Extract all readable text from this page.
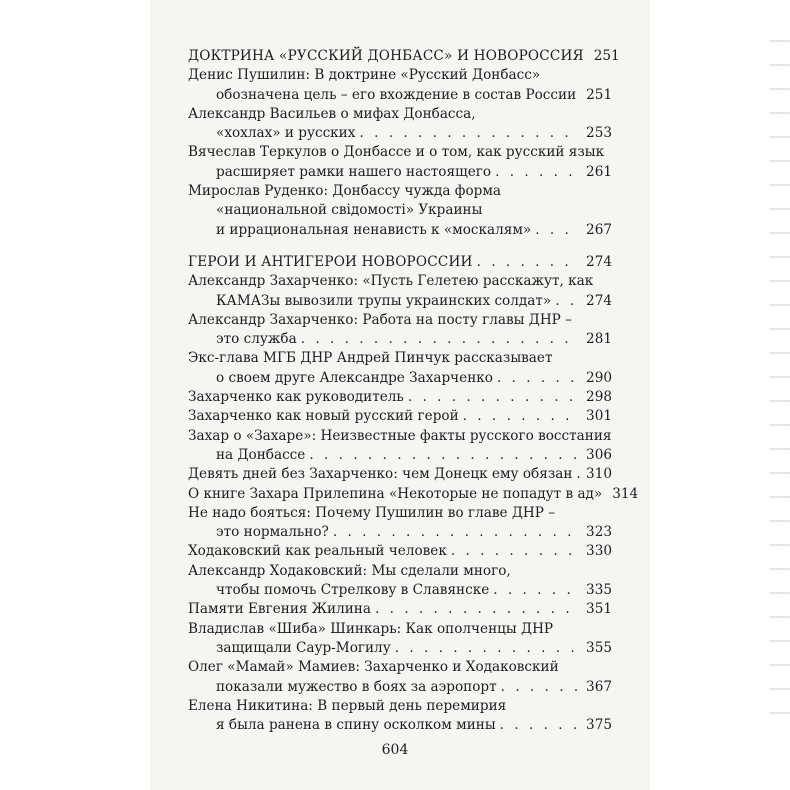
ДОКТРИНА «РУССКИЙ ДОНБАСС» И НОВОРОССИЯ 251
Денис Пушилин: В доктрине «Русский Донбасс»
обозначена цель – его вхождение в состав России 251
Александр Васильев о мифах Донбасса,
«хохлах» и русских . . .	253
Вячеслав Теркулов о Донбассе и о том, как русский язык
расширяет рамки нашего настоящего . . .	261
Мирослав Руденко: Донбассу чужда форма
«национальной свідомості» Украины
и иррациональная ненависть к «москалям» . . .	267
ГЕРОИ И АНТИГЕРОИ НОВОРОССИИ . . .	274
Александр Захарченко: «Пусть Гелетею расскажут, как
КАМАЗы вывозили трупы украинских солдат» . . .	274
Александр Захарченко: Работа на посту главы ДНР –
это служба . . .	281
Экс-глава МГБ ДНР Андрей Пинчук рассказывает
о своем друге Александре Захарченко . . .	290
Захарченко как руководитель . . .	298
Захарченко как новый русский герой . . .	301
Захар о «Захаре»: Неизвестные факты русского восстания
на Донбассе . . .	306
Девять дней без Захарченко: чем Донецк ему обязан . . . 310
О книге Захара Прилепина «Некоторые не попадут в ад» 314
Не надо бояться: Почему Пушилин во главе ДНР –
это нормально? . . .	323
Ходаковский как реальный человек . . .	330
Александр Ходаковский: Мы сделали много,
чтобы помочь Стрелкову в Славянске . . .	335
Памяти Евгения Жилина . . .	351
Владислав «Шиба» Шинкарь: Как ополченцы ДНР
защищали Саур-Могилу . . .	355
Олег «Мамай» Мамиев: Захарченко и Ходаковский
показали мужество в боях за аэропорт . . .	367
Елена Никитина: В первый день перемирия
я была ранена в спину осколком мины . . .	375
604
